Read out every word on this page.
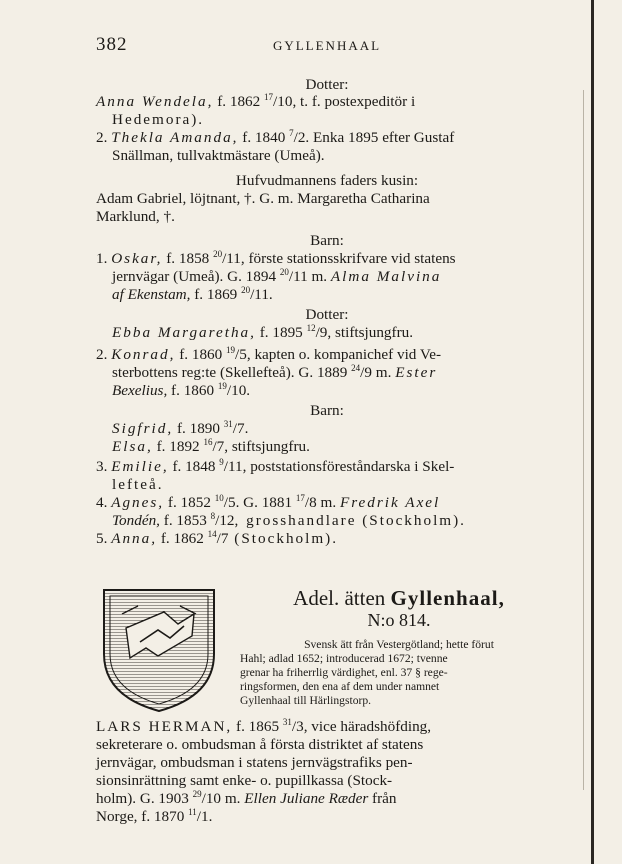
382	GYLLENHAAL
Dotter:
Anna Wendela, f. 1862 $^{17}$/10, t. f. postexpeditör i
Hedemora).
2. Thekla Amanda, f. 1840 $^7$/2. Enka 1895 efter Gustaf
Snällman, tullvaktmästare (Umeå).
Hufvudmannens faders kusin:
Adam Gabriel, löjtnant, †. G. m. Margaretha Catharina
Marklund, †.
Barn:
1. Oskar, f. 1858 $^{20}$/11, förste stationsskrifvare vid statens
jernvägar (Umeå). G. 1894 $^{20}$/11 m. Alma Malvina
af Ekenstam, f. 1869 $^{20}$/11.
Dotter:
Ebba Margaretha, f. 1895 $^{12}$/9, stiftsjungfru.
2. Konrad, f. 1860 $^{19}$/5, kapten o. kompanichef vid Ve-
sterbottens reg:te (Skellefteå). G. 1889 $^{24}$/9 m. Ester
Bexelius, f. 1860 $^{19}$/10.
Barn:
Sigfrid, f. 1890 $^{31}$/7.
Elsa, f. 1892 $^{16}$/7, stiftsjungfru.
3. Emilie, f. 1848 $^9$/11, poststationsföreståndarska i Skel-
lefteå.
4. Agnes, f. 1852 $^{10}$/5. G. 1881 $^{17}$/8 m. Fredrik Axel
Tondén, f. 1853 $^8$/12, grosshandlare (Stockholm).
5. Anna, f. 1862 $^{14}$/7 (Stockholm).
Adel. ätten Gyllenhaal,
N:o 814.
Svensk ätt från Vestergötland; hette förut
Hahl; adlad 1652; introducerad 1672; tvenne
grenar ha friherrlig värdighet, enl. 37 § rege-
ringsformen, den ena af dem under namnet
Gyllenhaal till Härlingstorp.
LARS HERMAN, f. 1865 $^{31}$/3, vice häradshöfding,
sekreterare o. ombudsman å första distriktet af statens
jernvägar, ombudsman i statens jernvägstrafiks pen-
sionsinrättning samt enke- o. pupillkassa (Stock-
holm). G. 1903 $^{29}$/10 m. Ellen Juliane Ræder från
Norge, f. 1870 $^{11}$/1.
